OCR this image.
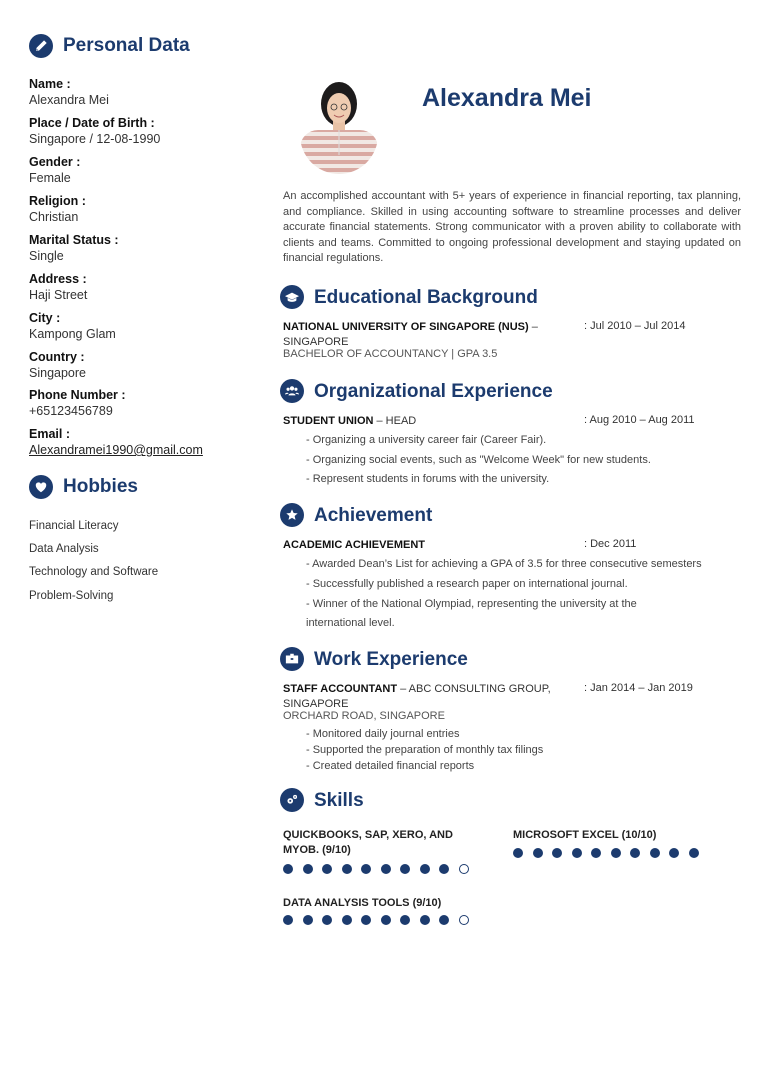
Personal Data
Name :
Alexandra Mei
Place / Date of Birth :
Singapore / 12-08-1990
Gender :
Female
Religion :
Christian
Marital Status :
Single
Address :
Haji Street
City :
Kampong Glam
Country :
Singapore
Phone Number :
+65123456789
Email :
Alexandramei1990@gmail.com
Hobbies
Financial Literacy
Data Analysis
Technology and Software
Problem-Solving
Alexandra Mei
An accomplished accountant with 5+ years of experience in financial reporting, tax planning, and compliance. Skilled in using accounting software to streamline processes and deliver accurate financial statements. Strong communicator with a proven ability to collaborate with clients and teams. Committed to ongoing professional development and staying updated on financial regulations.
Educational Background
NATIONAL UNIVERSITY OF SINGAPORE (NUS) – SINGAPORE
: Jul 2010 – Jul 2014
BACHELOR OF ACCOUNTANCY | GPA 3.5
Organizational Experience
STUDENT UNION – HEAD	: Aug 2010 – Aug 2011
- Organizing a university career fair (Career Fair).
- Organizing social events, such as "Welcome Week" for new students.
- Represent students in forums with the university.
Achievement
ACADEMIC ACHIEVEMENT	: Dec 2011
- Awarded Dean’s List for achieving a GPA of 3.5 for three consecutive semesters
- Successfully published a research paper on international journal.
- Winner of the National Olympiad, representing the university at the
international level.
Work Experience
STAFF ACCOUNTANT – ABC CONSULTING GROUP, SINGAPORE
: Jan 2014 – Jan 2019
ORCHARD ROAD, SINGAPORE
- Monitored daily journal entries
- Supported the preparation of monthly tax filings
- Created detailed financial reports
Skills
QUICKBOOKS, SAP, XERO, AND MYOB. (9/10)
MICROSOFT EXCEL (10/10)
DATA ANALYSIS TOOLS (9/10)
